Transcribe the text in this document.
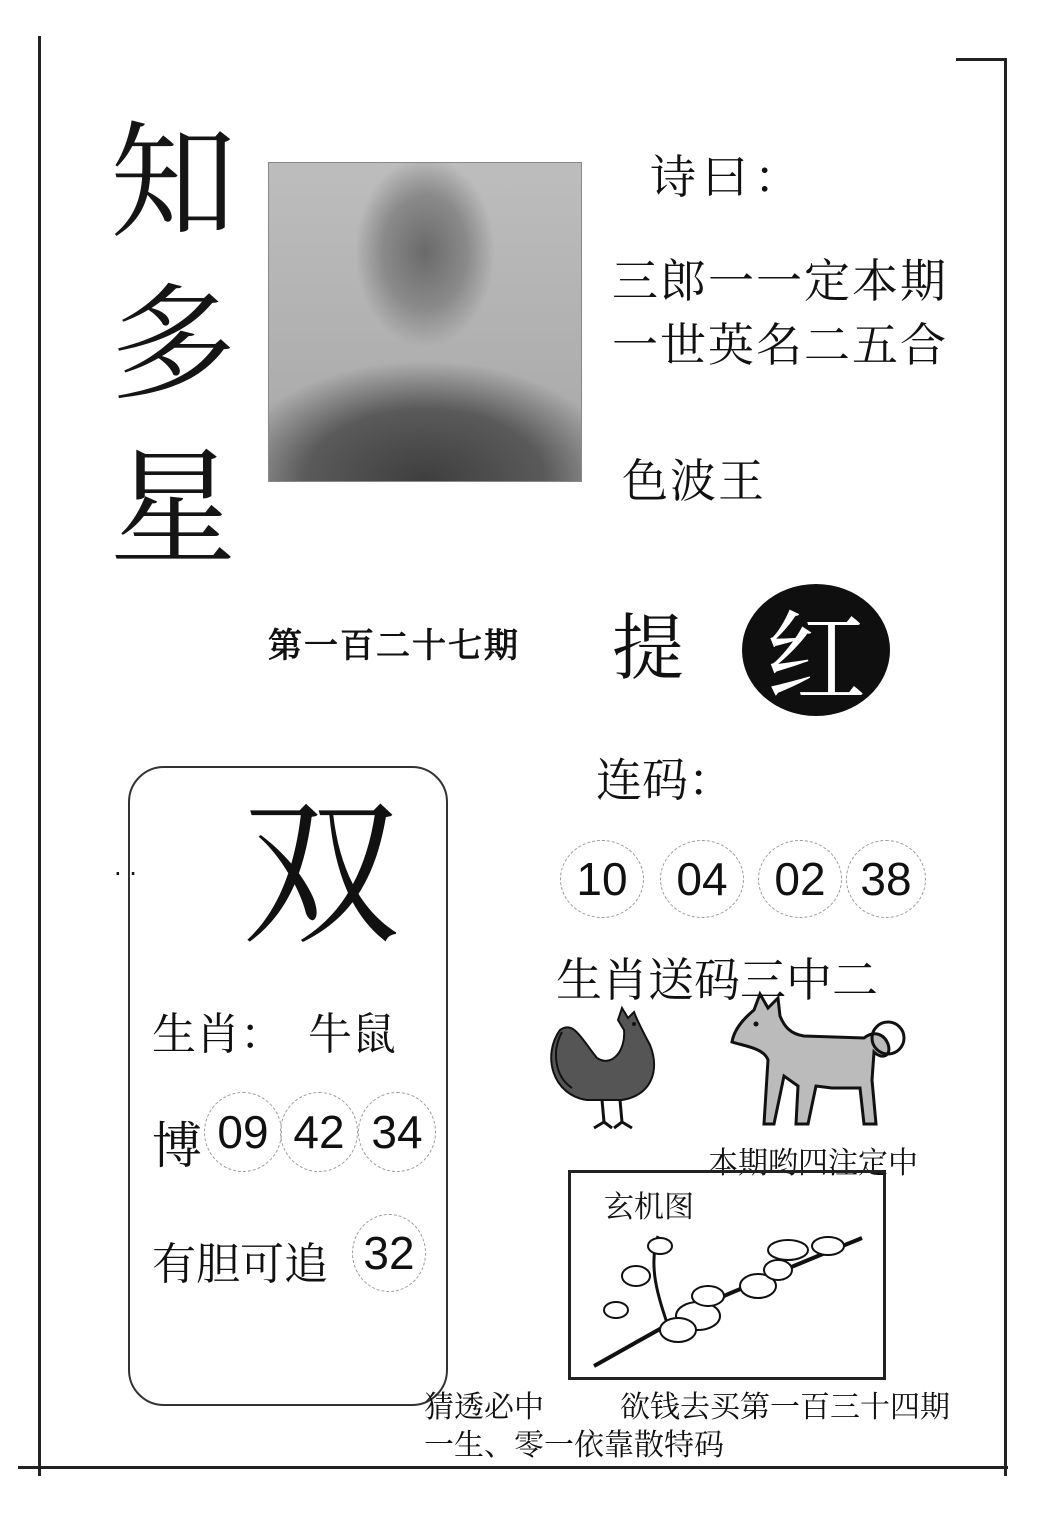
知
多
星
诗曰：
三郎一一定本期
一世英名二五合
色波王
第一百二十七期 提 红
连码：
10	04	02 38
生肖送码三中二
本期哟四注定中
· · 双
生肖： 牛鼠
博 09 42 34
有胆可追 32
玄机图
猜透必中	欲钱去买第一百三十四期
一生、零一依靠散特码
